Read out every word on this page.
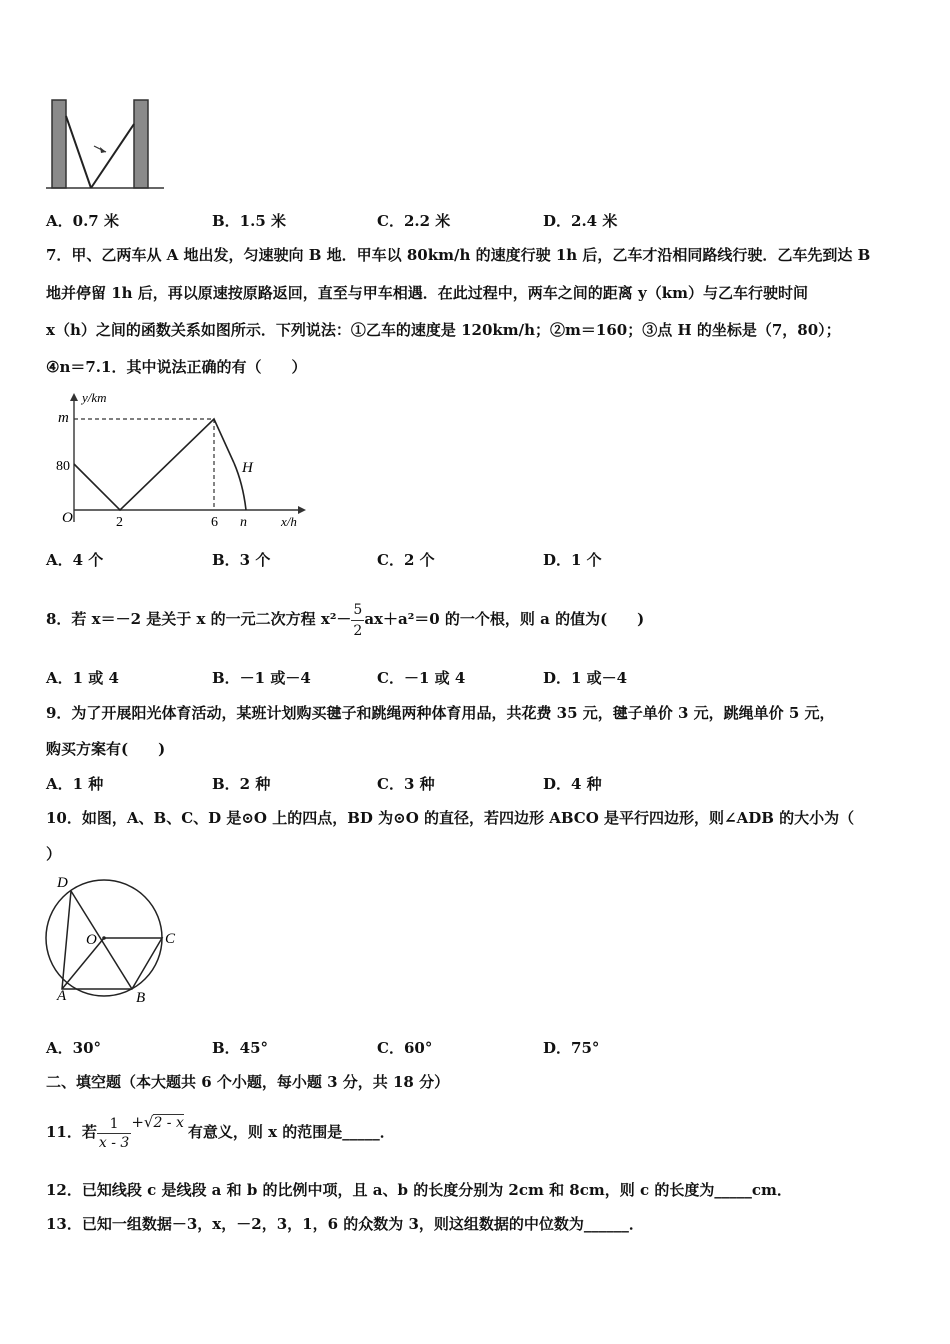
A．0.7 米	B．1.5 米	C．2.2 米	D．2.4 米
7．甲、乙两车从 A 地出发，匀速驶向 B 地．甲车以 80km/h 的速度行驶 1h 后，乙车才沿相同路线行驶．乙车先到达 B
地并停留 1h 后，再以原速按原路返回，直至与甲车相遇．在此过程中，两车之间的距离 y（km）与乙车行驶时间
x（h）之间的函数关系如图所示．下列说法：①乙车的速度是 120km/h；②m＝160；③点 H 的坐标是（7，80）；
④n＝7.1．其中说法正确的有（　　）
y/km
x/h
O
m
80
2	6 n
H
A．4 个	B．3 个	C．2 个	D．1 个
8．若 x＝－2 是关于 x 的一元二次方程 $x^2- \frac{5}{2} ax+a^2=0$ 的一个根，则 a 的值为(　　)
A．1 或 4	B．－1 或－4	C．－1 或 4	D．1 或－4
9．为了开展阳光体育活动，某班计划购买毽子和跳绳两种体育用品，共花费 35 元，毽子单价 3 元，跳绳单价 5 元，
购买方案有(　　)
A．1 种	B．2 种	C．3 种	D．4 种
10．如图，A、B、C、D 是⊙O 上的四点，BD 为⊙O 的直径，若四边形 ABCO 是平行四边形，则∠ADB 的大小为（
）
D
O	C
A	B
A．30°	B．45°	C．60°	D．75°
二、填空题（本大题共 6 个小题，每小题 3 分，共 18 分）
11．若 $\frac{1}{x - 3} +√2 - x$ 有意义，则 x 的范围是_____．
12．已知线段 c 是线段 a 和 b 的比例中项，且 a、b 的长度分别为 2cm 和 8cm，则 c 的长度为_____cm．
13．已知一组数据－3，x，－2，3，1，6 的众数为 3，则这组数据的中位数为______．
